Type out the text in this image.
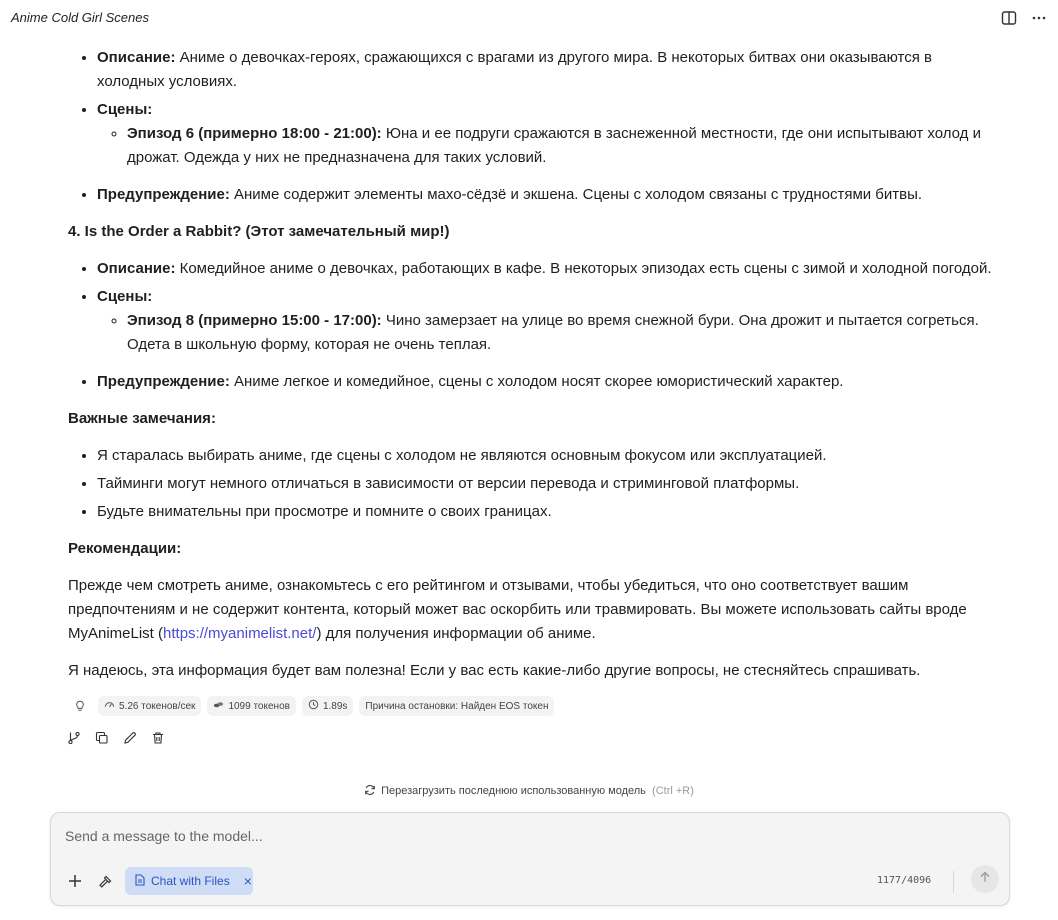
Anime Cold Girl Scenes
• Описание: Аниме о девочках-героях, сражающихся с врагами из другого мира. В некоторых битвах они оказываются в холодных условиях.
• Сцены:
◦ Эпизод 6 (примерно 18:00 - 21:00): Юна и ее подруги сражаются в заснеженной местности, где они испытывают холод и дрожат. Одежда у них не предназначена для таких условий.
• Предупреждение: Аниме содержит элементы махо-сёдзё и экшена. Сцены с холодом связаны с трудностями битвы.
4. Is the Order a Rabbit? (Этот замечательный мир!)
• Описание: Комедийное аниме о девочках, работающих в кафе. В некоторых эпизодах есть сцены с зимой и холодной погодой.
• Сцены:
◦ Эпизод 8 (примерно 15:00 - 17:00): Чино замерзает на улице во время снежной бури. Она дрожит и пытается согреться. Одета в школьную форму, которая не очень теплая.
• Предупреждение: Аниме легкое и комедийное, сцены с холодом носят скорее юмористический характер.
Важные замечания:
• Я старалась выбирать аниме, где сцены с холодом не являются основным фокусом или эксплуатацией.
• Тайминги могут немного отличаться в зависимости от версии перевода и стриминговой платформы.
• Будьте внимательны при просмотре и помните о своих границах.
Рекомендации:

Прежде чем смотреть аниме, ознакомьтесь с его рейтингом и отзывами, чтобы убедиться, что оно соответствует вашим предпочтениям и не содержит контента, который может вас оскорбить или травмировать. Вы можете использовать сайты вроде MyAnimeList (https://myanimelist.net/) для получения информации об аниме.

Я надеюсь, эта информация будет вам полезна! Если у вас есть какие-либо другие вопросы, не стесняйтесь спрашивать.

5.26 токенов/сек	1099 токенов	1.89s Причина остановки: Найден EOS токен
Перезагрузить последнюю использованную модель (Ctrl +R)
Send a message to the model...
Chat with Files ×	1177/4096
